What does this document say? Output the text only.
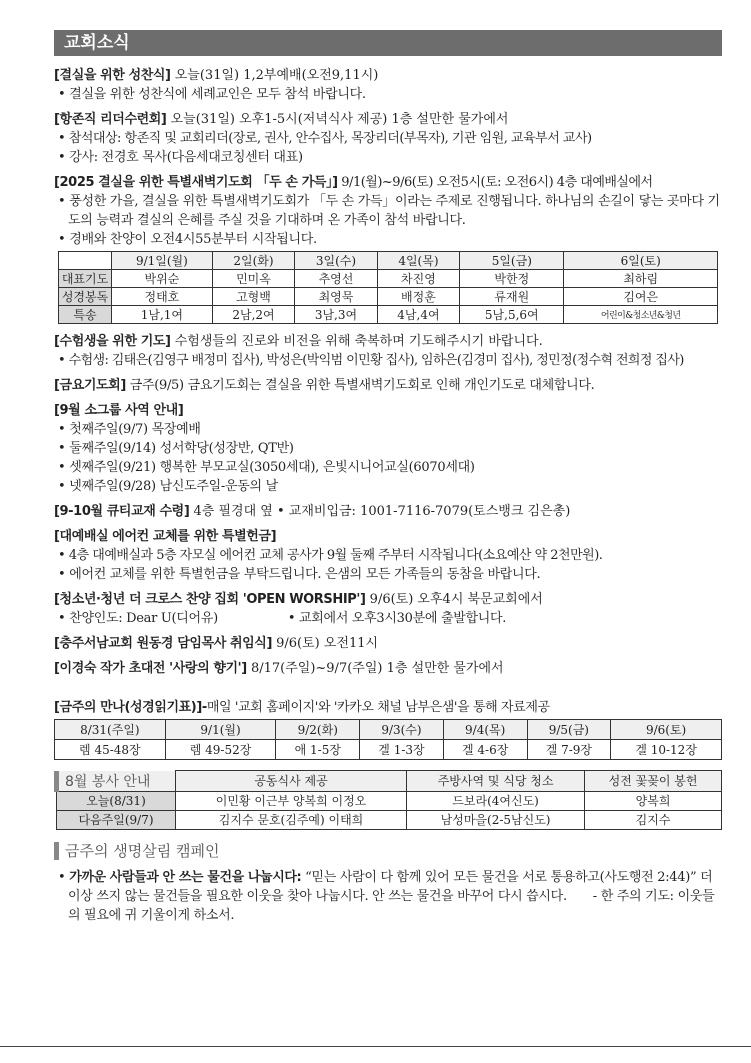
교회소식
[결실을 위한 성찬식] 오늘(31일) 1,2부예배(오전9,11시)
• 결실을 위한 성찬식에 세례교인은 모두 참석 바랍니다.
[항존직 리더수련회] 오늘(31일) 오후1-5시(저녁식사 제공) 1층 설만한 물가에서
• 참석대상: 항존직 및 교회리더(장로, 권사, 안수집사, 목장리더(부목자), 기관 임원, 교육부서 교사)
• 강사: 전경호 목사(다음세대코칭센터 대표)
[2025 결실을 위한 특별새벽기도회 「두 손 가득」] 9/1(월)~9/6(토) 오전5시(토: 오전6시) 4층 대예배실에서
• 풍성한 가을, 결실을 위한 특별새벽기도회가 「두 손 가득」이라는 주제로 진행됩니다. 하나님의 손길이 닿는 곳마다 기도의 능력과 결실의 은혜를 주실 것을 기대하며 온 가족이 참석 바랍니다.
• 경배와 찬양이 오전4시55분부터 시작됩니다.
	9/1일(월)	2일(화)	3일(수)	4일(목)	5일(금)	6일(토)
대표기도	박위순	민미옥	추영선	차진영	박한정	최하림
성경봉독	정태호	고형백	최영묵	배정훈	류재원	김여은
특송	1남,1여	2남,2여	3남,3여	4남,4여	5남,5,6여	어린이&청소년&청년
[수험생을 위한 기도] 수험생들의 진로와 비전을 위해 축복하며 기도해주시기 바랍니다.
• 수험생: 김태은(김영구 배정미 집사), 박성은(박익범 이민황 집사), 임하은(김경미 집사), 정민정(정수혁 전희정 집사)
[금요기도회] 금주(9/5) 금요기도회는 결실을 위한 특별새벽기도회로 인해 개인기도로 대체합니다.
[9월 소그룹 사역 안내]
• 첫째주일(9/7) 목장예배
• 둘째주일(9/14) 성서학당(성장반, QT반)
• 셋째주일(9/21) 행복한 부모교실(3050세대), 은빛시니어교실(6070세대)
• 넷째주일(9/28) 남신도주일-운동의 날
[9-10월 큐티교재 수령] 4층 필경대 옆 • 교재비입금: 1001-7116-7079(토스뱅크 김은총)
[대예배실 에어컨 교체를 위한 특별헌금]
• 4층 대예배실과 5층 자모실 에어컨 교체 공사가 9월 둘째 주부터 시작됩니다(소요예산 약 2천만원).
• 에어컨 교체를 위한 특별헌금을 부탁드립니다. 은샘의 모든 가족들의 동참을 바랍니다.
[청소년·청년 더 크로스 찬양 집회 'OPEN WORSHIP'] 9/6(토) 오후4시 북문교회에서
• 찬양인도: Dear U(디어유)	• 교회에서 오후3시30분에 출발합니다.
[충주서남교회 원동경 담임목사 취임식] 9/6(토) 오전11시
[이경숙 작가 초대전 '사랑의 향기'] 8/17(주일)~9/7(주일) 1층 설만한 물가에서
[금주의 만나(성경읽기표)]-매일 '교회 홈페이지'와 '카카오 채널 남부은샘'을 통해 자료제공
8/31(주일)	9/1(월)	9/2(화)	9/3(수)	9/4(목)	9/5(금)	9/6(토)
렘 45-48장	렘 49-52장	애 1-5장	겔 1-3장	겔 4-6장	겔 7-9장	겔 10-12장
8월 봉사 안내	공동식사 제공	주방사역 및 식당 청소	성전 꽃꽂이 봉헌
오늘(8/31)	이민황 이근부 양복희 이정오	드보라(4여신도)	양복희
다음주일(9/7)	김지수 문호(김주예) 이태희	남성마을(2-5남신도)	김지수
금주의 생명살림 캠페인
• 가까운 사람들과 안 쓰는 물건을 나눕시다: “믿는 사람이 다 함께 있어 모든 물건을 서로 통용하고(사도행전 2:44)” 더 이상 쓰지 않는 물건들을 필요한 이웃을 찾아 나눕시다. 안 쓰는 물건을 바꾸어 다시 씁시다. - 한 주의 기도: 이웃들의 필요에 귀 기울이게 하소서.
